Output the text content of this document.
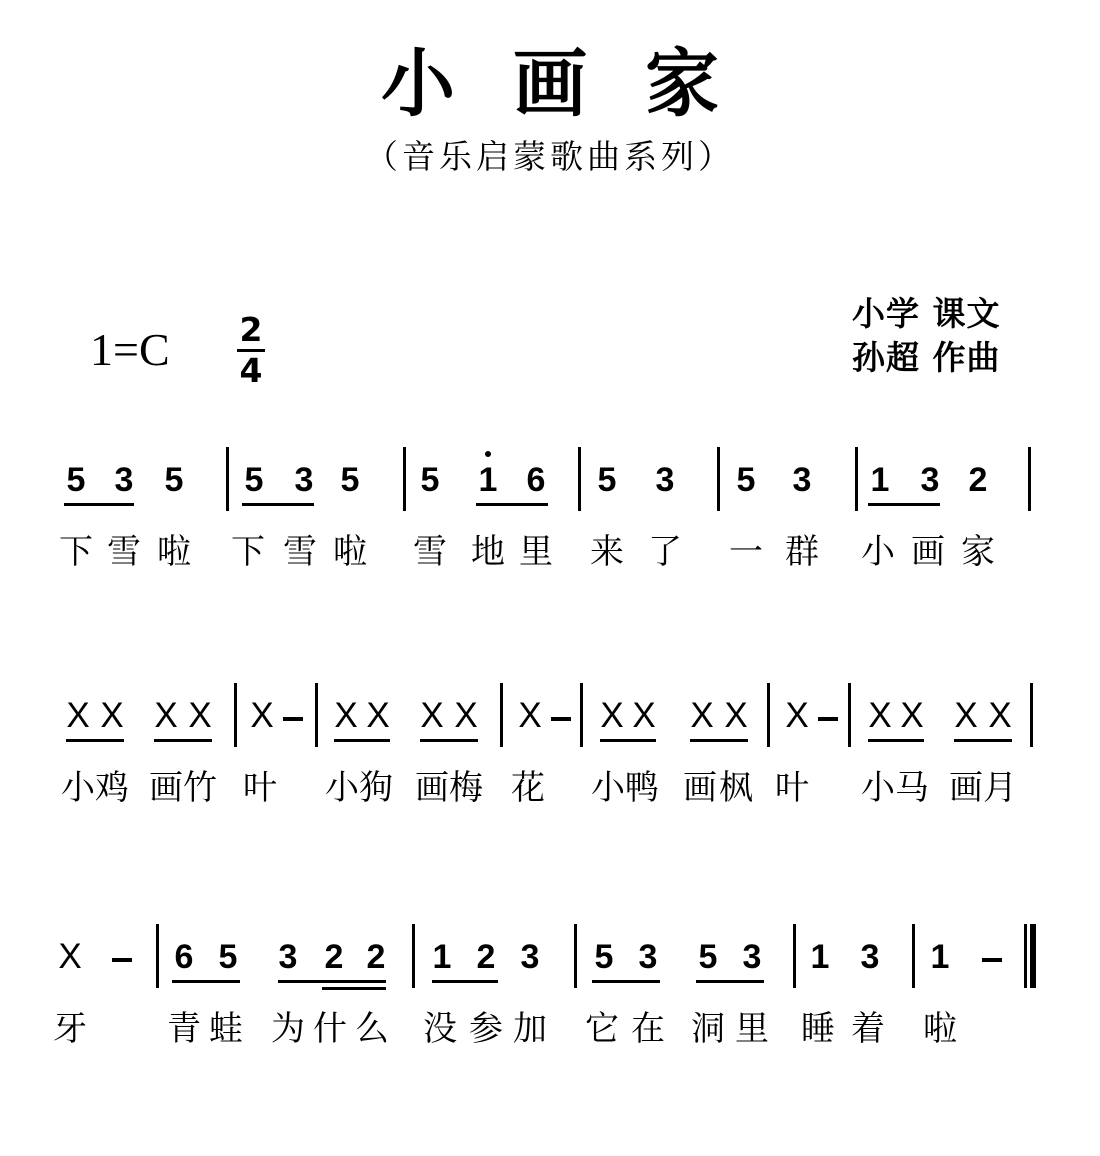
小画家
（音乐启蒙歌曲系列）
1=C 2
4
小学 课文
孙超 作曲
5 3 5	5 3 5	5	1 6	5	3	5	3	1 3 2
下 雪 啦 下 雪 啦 雪 地 里 来 了 一 群 小 画 家
X X X X X X X X X X X X X X X X X X X
小 鸡 画 竹 叶 小 狗 画 梅 花 小 鸭 画 枫 叶 小 马 画 月
X	6 5	3 2 2	1 2 3	5 3	5 3	1 3	1
牙 青 蛙 为 什 么 没 参 加 它 在 洞 里 睡 着 啦
